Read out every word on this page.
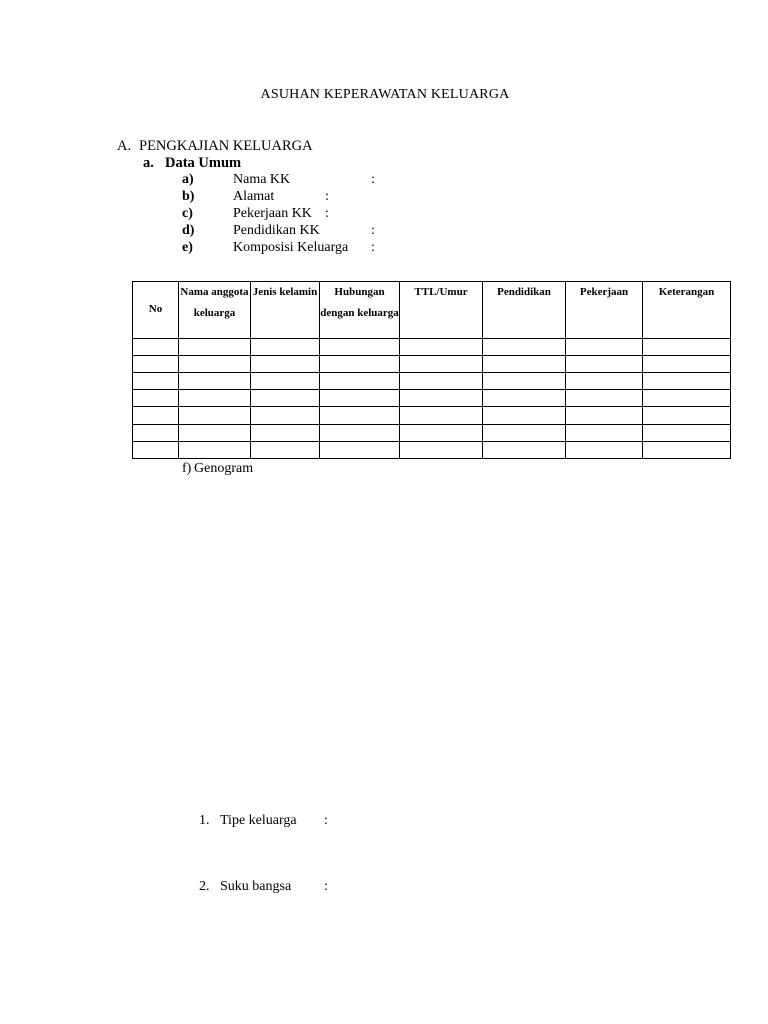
ASUHAN KEPERAWATAN KELUARGA
A. PENGKAJIAN KELUARGA
a. Data Umum
a)	Nama KK	:
b)	Alamat	:
c)	Pekerjaan KK :
d)	Pendidikan KK	:
e)	Komposisi Keluarga :
No	Nama anggota keluarga	Jenis kelamin	Hubungan dengan keluarga	TTL/Umur	Pendidikan	Pekerjaan	Keterangan

f) Genogram
1. Tipe keluarga :
2. Suku bangsa :
